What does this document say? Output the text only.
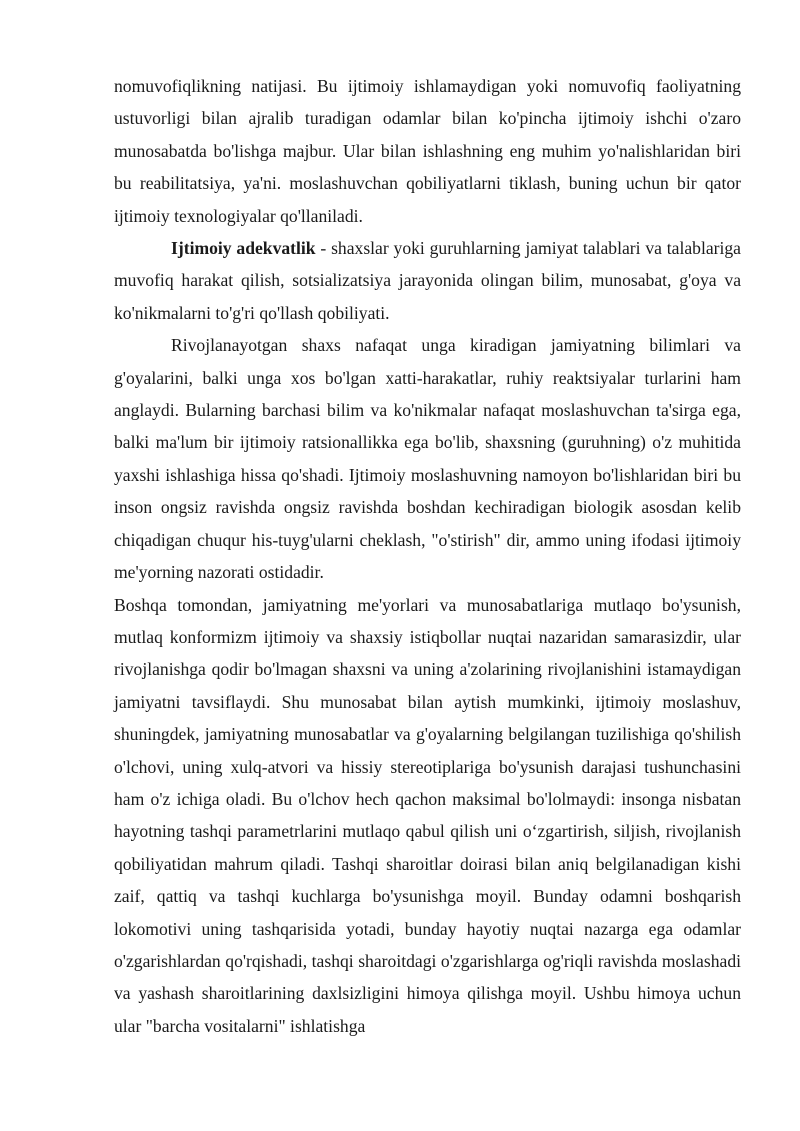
nomuvofiqlikning natijasi. Bu ijtimoiy ishlamaydigan yoki nomuvofiq faoliyatning ustuvorligi bilan ajralib turadigan odamlar bilan ko'pincha ijtimoiy ishchi o'zaro munosabatda bo'lishga majbur. Ular bilan ishlashning eng muhim yo'nalishlaridan biri bu reabilitatsiya, ya'ni. moslashuvchan qobiliyatlarni tiklash, buning uchun bir qator ijtimoiy texnologiyalar qo'llaniladi.

Ijtimoiy adekvatlik - shaxslar yoki guruhlarning jamiyat talablari va talablariga muvofiq harakat qilish, sotsializatsiya jarayonida olingan bilim, munosabat, g'oya va ko'nikmalarni to'g'ri qo'llash qobiliyati.

Rivojlanayotgan shaxs nafaqat unga kiradigan jamiyatning bilimlari va g'oyalarini, balki unga xos bo'lgan xatti-harakatlar, ruhiy reaktsiyalar turlarini ham anglaydi. Bularning barchasi bilim va ko'nikmalar nafaqat moslashuvchan ta'sirga ega, balki ma'lum bir ijtimoiy ratsionallikka ega bo'lib, shaxsning (guruhning) o'z muhitida yaxshi ishlashiga hissa qo'shadi. Ijtimoiy moslashuvning namoyon bo'lishlaridan biri bu inson ongsiz ravishda ongsiz ravishda boshdan kechiradigan biologik asosdan kelib chiqadigan chuqur his-tuyg'ularni cheklash, "o'stirish" dir, ammo uning ifodasi ijtimoiy me'yorning nazorati ostidadir.

Boshqa tomondan, jamiyatning me'yorlari va munosabatlariga mutlaqo bo'ysunish, mutlaq konformizm ijtimoiy va shaxsiy istiqbollar nuqtai nazaridan samarasizdir, ular rivojlanishga qodir bo'lmagan shaxsni va uning a'zolarining rivojlanishini istamaydigan jamiyatni tavsiflaydi. Shu munosabat bilan aytish mumkinki, ijtimoiy moslashuv, shuningdek, jamiyatning munosabatlar va g'oyalarning belgilangan tuzilishiga qo'shilish o'lchovi, uning xulq-atvori va hissiy stereotiplariga bo'ysunish darajasi tushunchasini ham o'z ichiga oladi. Bu o'lchov hech qachon maksimal bo'lolmaydi: insonga nisbatan hayotning tashqi parametrlarini mutlaqo qabul qilish uni o‘zgartirish, siljish, rivojlanish qobiliyatidan mahrum qiladi. Tashqi sharoitlar doirasi bilan aniq belgilanadigan kishi zaif, qattiq va tashqi kuchlarga bo'ysunishga moyil. Bunday odamni boshqarish lokomotivi uning tashqarisida yotadi, bunday hayotiy nuqtai nazarga ega odamlar o'zgarishlardan qo'rqishadi, tashqi sharoitdagi o'zgarishlarga og'riqli ravishda moslashadi va yashash sharoitlarining daxlsizligini himoya qilishga moyil. Ushbu himoya uchun ular "barcha vositalarni" ishlatishga
